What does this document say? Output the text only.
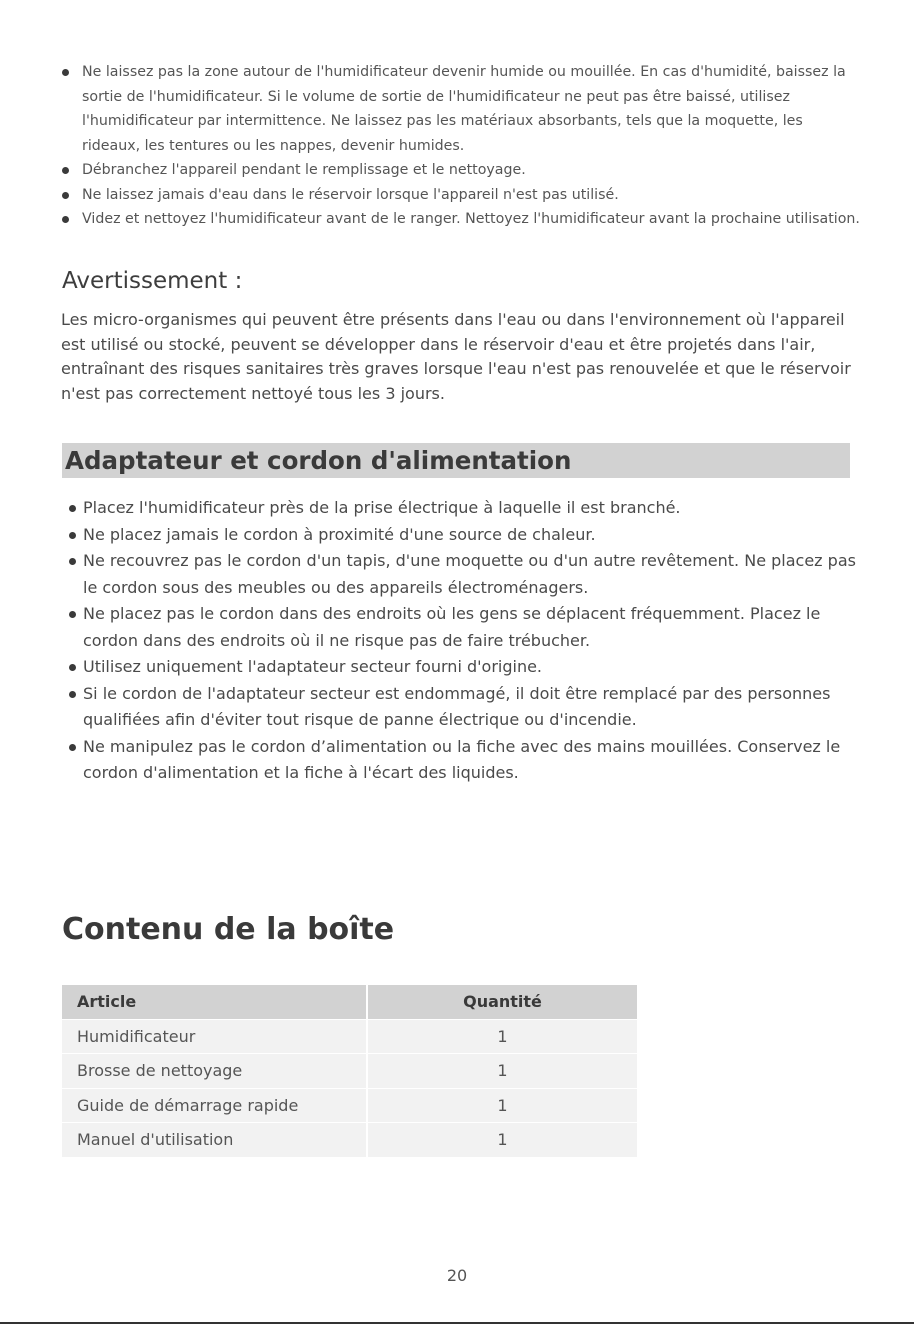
Ne laissez pas la zone autour de l'humidificateur devenir humide ou mouillée. En cas d'humidité, baissez la sortie de l'humidificateur. Si le volume de sortie de l'humidificateur ne peut pas être baissé, utilisez l'humidificateur par intermittence. Ne laissez pas les matériaux absorbants, tels que la moquette, les rideaux, les tentures ou les nappes, devenir humides.
Débranchez l'appareil pendant le remplissage et le nettoyage.
Ne laissez jamais d'eau dans le réservoir lorsque l'appareil n'est pas utilisé.
Videz et nettoyez l'humidificateur avant de le ranger. Nettoyez l'humidificateur avant la prochaine utilisation.
Avertissement :

Les micro-organismes qui peuvent être présents dans l'eau ou dans l'environnement où l'appareil est utilisé ou stocké, peuvent se développer dans le réservoir d'eau et être projetés dans l'air, entraînant des risques sanitaires très graves lorsque l'eau n'est pas renouvelée et que le réservoir n'est pas correctement nettoyé tous les 3 jours.

Adaptateur et cordon d'alimentation
Placez l'humidificateur près de la prise électrique à laquelle il est branché.
Ne placez jamais le cordon à proximité d'une source de chaleur.
Ne recouvrez pas le cordon d'un tapis, d'une moquette ou d'un autre revêtement. Ne placez pas le cordon sous des meubles ou des appareils électroménagers.
Ne placez pas le cordon dans des endroits où les gens se déplacent fréquemment. Placez le cordon dans des endroits où il ne risque pas de faire trébucher.
Utilisez uniquement l'adaptateur secteur fourni d'origine.
Si le cordon de l'adaptateur secteur est endommagé, il doit être remplacé par des personnes qualifiées afin d'éviter tout risque de panne électrique ou d'incendie.
Ne manipulez pas le cordon d’alimentation ou la fiche avec des mains mouillées. Conservez le cordon d'alimentation et la fiche à l'écart des liquides.
Contenu de la boîte
Article	Quantité
Humidificateur	1
Brosse de nettoyage	1
Guide de démarrage rapide	1
Manuel d'utilisation	1
20
